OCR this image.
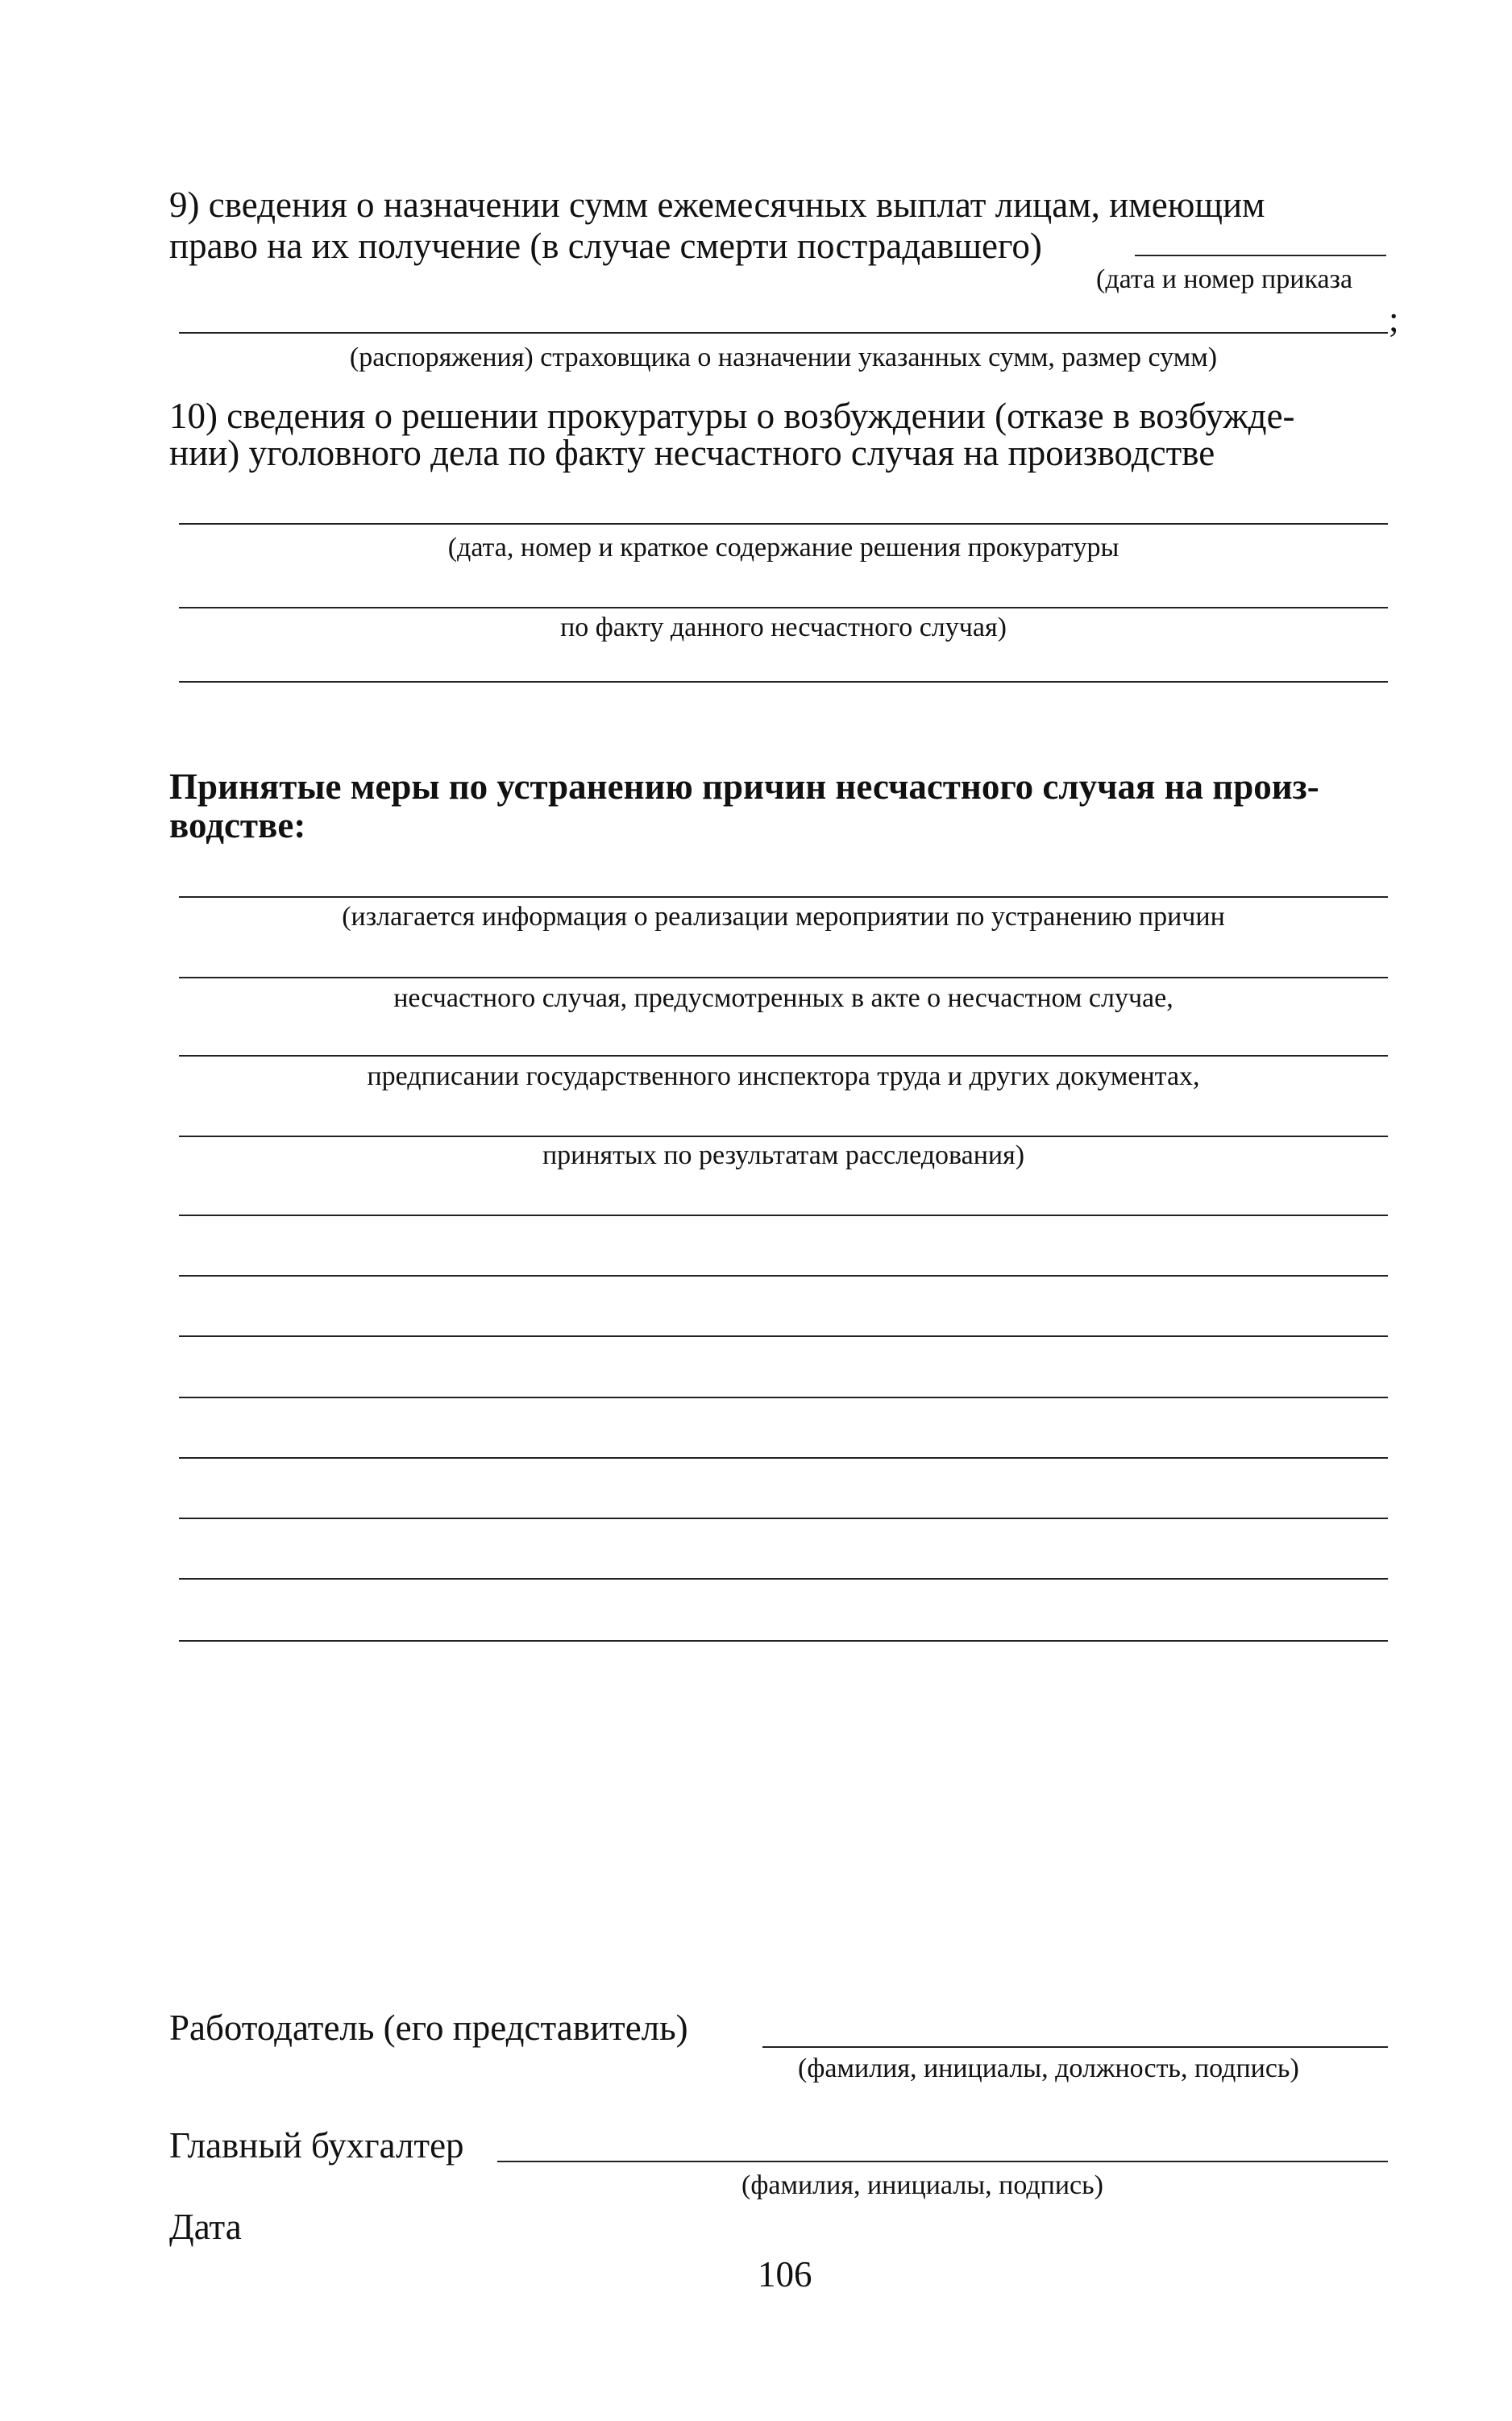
9) сведения о назначении сумм ежемесячных выплат лицам, имеющим
право на их получение (в случае смерти пострадавшего)
(дата и номер приказа
;
(распоряжения) страховщика о назначении указанных сумм, размер сумм)
10) сведения о решении прокуратуры о возбуждении (отказе в возбужде-
нии) уголовного дела по факту несчастного случая на производстве
(дата, номер и краткое содержание решения прокуратуры
по факту данного несчастного случая)
Принятые меры по устранению причин несчастного случая на произ-
водстве:
(излагается информация о реализации мероприятии по устранению причин
несчастного случая, предусмотренных в акте о несчастном случае,
предписании государственного инспектора труда и других документах,
принятых по результатам расследования)
Работодатель (его представитель)
(фамилия, инициалы, должность, подпись)
Главный бухгалтер
(фамилия, инициалы, подпись)
Дата
106
